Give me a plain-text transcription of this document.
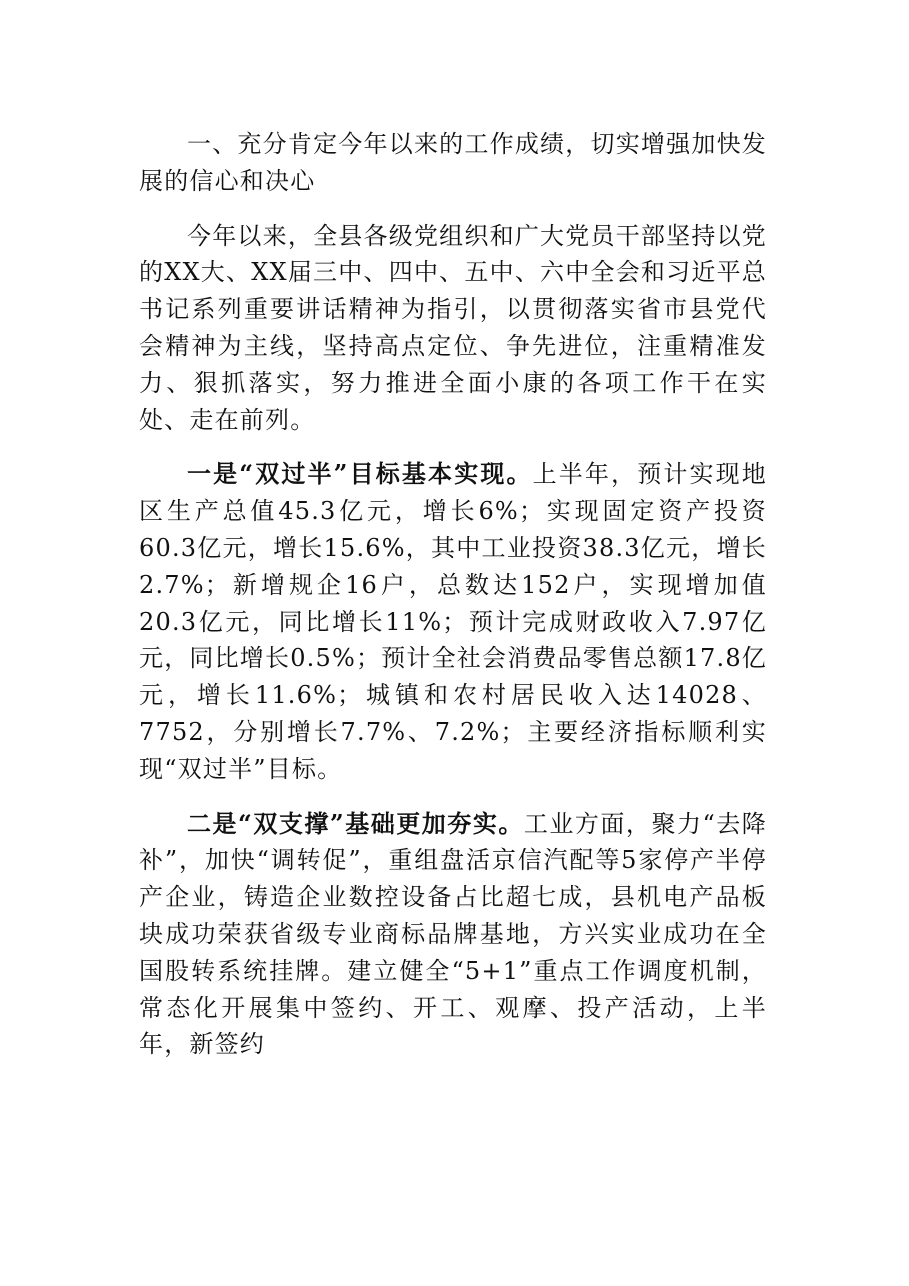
一、充分肯定今年以来的工作成绩，切实增强加快发展的信心和决心

今年以来，全县各级党组织和广大党员干部坚持以党的XX大、XX届三中、四中、五中、六中全会和习近平总书记系列重要讲话精神为指引，以贯彻落实省市县党代会精神为主线，坚持高点定位、争先进位，注重精准发力、狠抓落实，努力推进全面小康的各项工作干在实处、走在前列。

一是“双过半”目标基本实现。上半年，预计实现地区生产总值45.3亿元，增长6%；实现固定资产投资60.3亿元，增长15.6%，其中工业投资38.3亿元，增长2.7%；新增规企16户，总数达152户，实现增加值20.3亿元，同比增长11%；预计完成财政收入7.97亿元，同比增长0.5%；预计全社会消费品零售总额17.8亿元，增长11.6%；城镇和农村居民收入达14028、7752，分别增长7.7%、7.2%；主要经济指标顺利实现“双过半”目标。

二是“双支撑”基础更加夯实。工业方面，聚力“去降补”，加快“调转促”，重组盘活京信汽配等5家停产半停产企业，铸造企业数控设备占比超七成，县机电产品板块成功荣获省级专业商标品牌基地，方兴实业成功在全国股转系统挂牌。建立健全“5+1”重点工作调度机制，常态化开展集中签约、开工、观摩、投产活动，上半年，新签约
